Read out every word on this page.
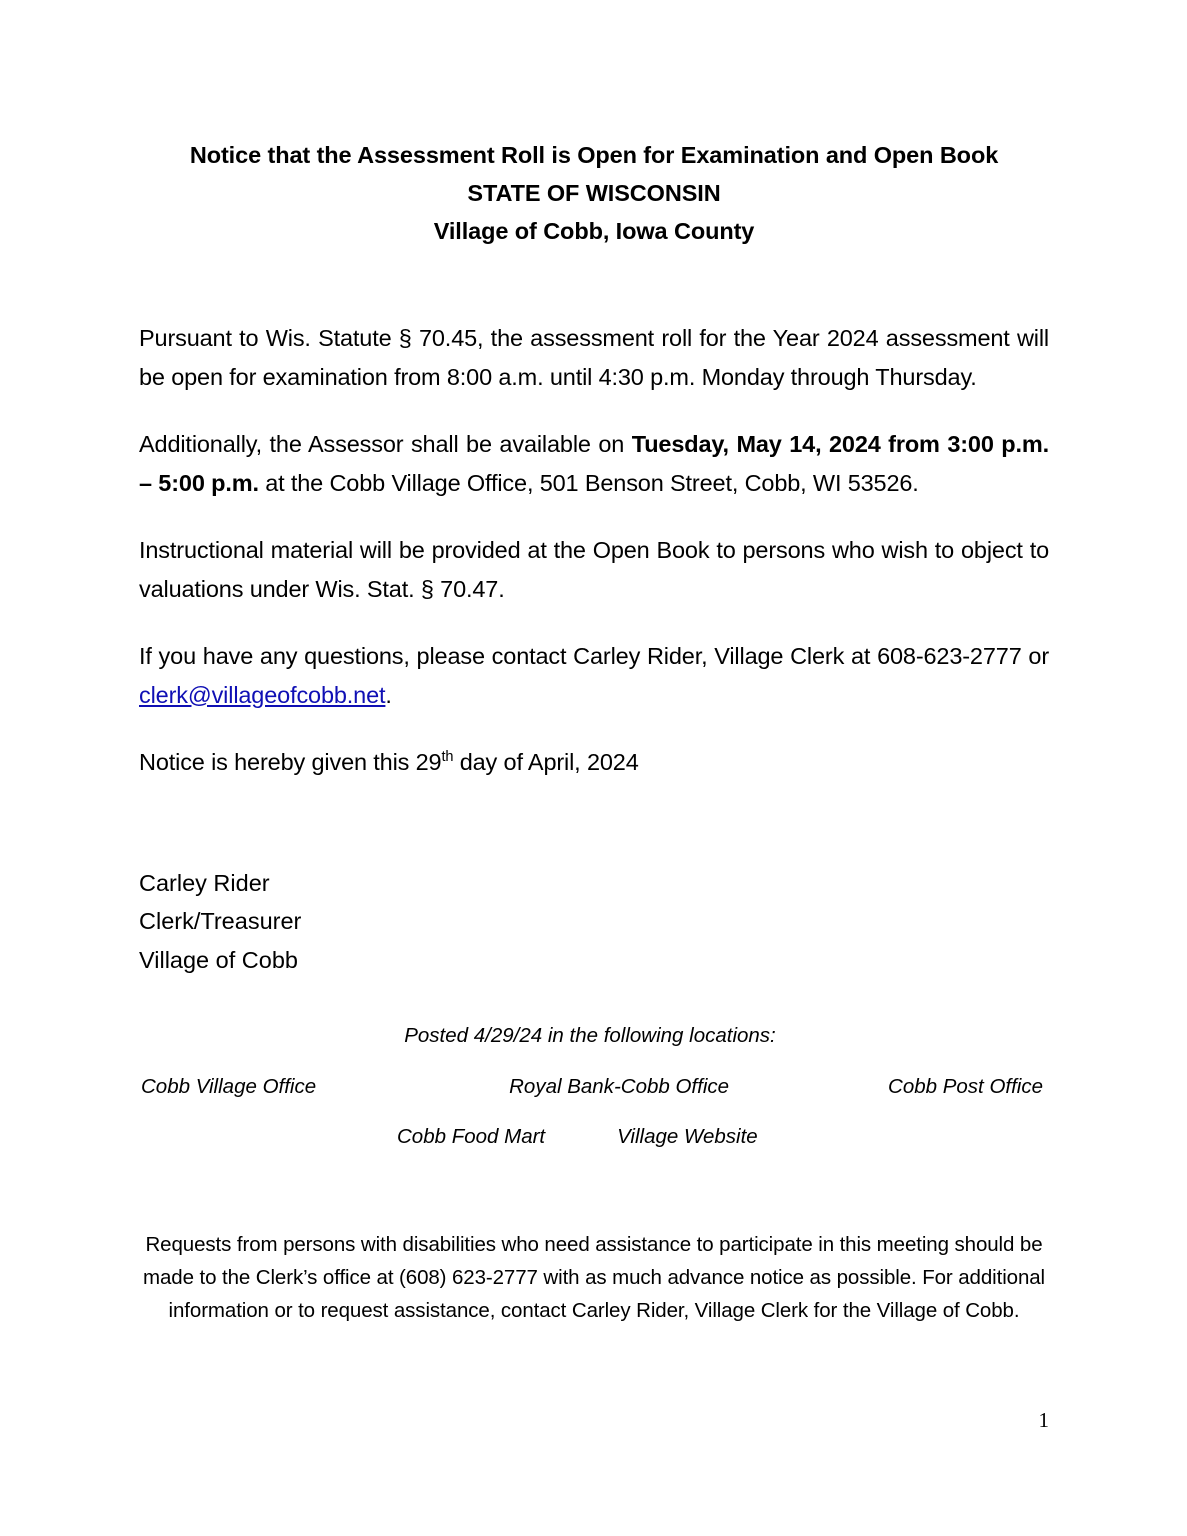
Notice that the Assessment Roll is Open for Examination and Open Book
STATE OF WISCONSIN
Village of Cobb, Iowa County

Pursuant to Wis. Statute § 70.45, the assessment roll for the Year 2024 assessment will be open for examination from 8:00 a.m. until 4:30 p.m. Monday through Thursday.

Additionally, the Assessor shall be available on Tuesday, May 14, 2024 from 3:00 p.m. – 5:00 p.m. at the Cobb Village Office, 501 Benson Street, Cobb, WI 53526.

Instructional material will be provided at the Open Book to persons who wish to object to valuations under Wis. Stat. § 70.47.

If you have any questions, please contact Carley Rider, Village Clerk at 608-623-2777 or clerk@villageofcobb.net.

Notice is hereby given this 29th day of April, 2024

Carley Rider
Clerk/Treasurer
Village of Cobb
Posted 4/29/24 in the following locations:
Cobb Village Office	Royal Bank-Cobb Office	Cobb Post Office
Cobb Food Mart	Village Website
Requests from persons with disabilities who need assistance to participate in this meeting should be made to the Clerk’s office at (608) 623-2777 with as much advance notice as possible. For additional information or to request assistance, contact Carley Rider, Village Clerk for the Village of Cobb.
1
